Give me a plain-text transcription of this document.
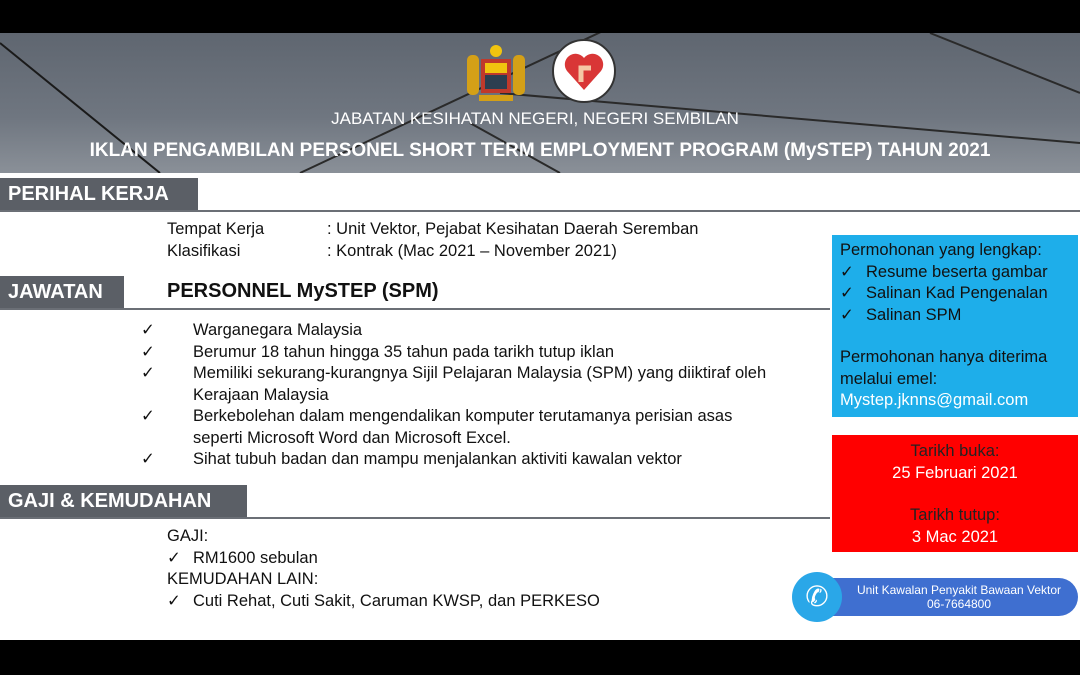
JABATAN KESIHATAN NEGERI, NEGERI SEMBILAN
IKLAN PENGAMBILAN PERSONEL SHORT TERM EMPLOYMENT PROGRAM (MySTEP) TAHUN 2021
PERIHAL KERJA
Tempat Kerja	: Unit Vektor, Pejabat Kesihatan Daerah Seremban
Klasifikasi	: Kontrak (Mac 2021 – November 2021)
JAWATAN	PERSONNEL MySTEP (SPM)
✓ Warganegara Malaysia
✓ Berumur 18 tahun hingga 35 tahun pada tarikh tutup iklan
✓ Memiliki sekurang-kurangnya Sijil Pelajaran Malaysia (SPM) yang diiktiraf oleh Kerajaan Malaysia
✓ Berkebolehan dalam mengendalikan komputer terutamanya perisian asas seperti Microsoft Word dan Microsoft Excel.
✓ Sihat tubuh badan dan mampu menjalankan aktiviti kawalan vektor
GAJI & KEMUDAHAN
GAJI:
✓ RM1600 sebulan
KEMUDAHAN LAIN:
✓ Cuti Rehat, Cuti Sakit, Caruman KWSP, dan PERKESO
Permohonan yang lengkap:
✓ Resume beserta gambar
✓ Salinan Kad Pengenalan
✓ Salinan SPM
Permohonan hanya diterima melalui emel:
Mystep.jknns@gmail.com
Tarikh buka:
25 Februari 2021
Tarikh tutup:
3 Mac 2021
Unit Kawalan Penyakit Bawaan Vektor
06-7664800
✆
